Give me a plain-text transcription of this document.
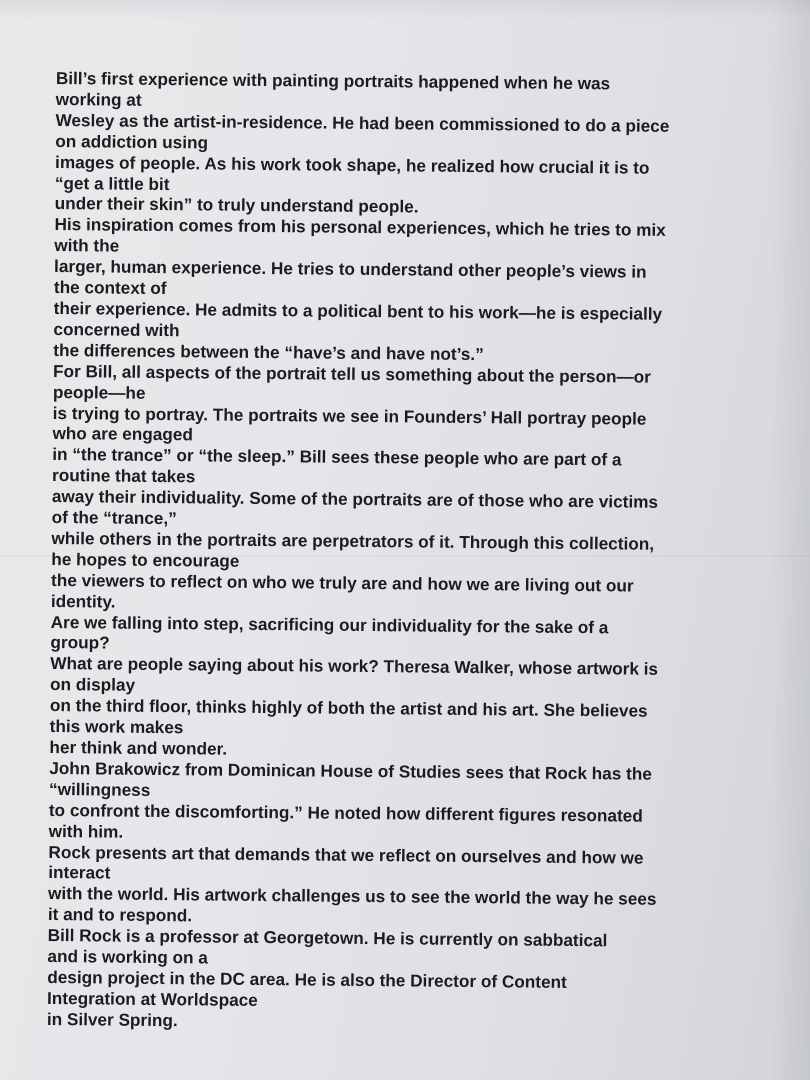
Bill’s first experience with painting portraits happened when he was
working at
Wesley as the artist-in-residence. He had been commissioned to do a piece
on addiction using
images of people. As his work took shape, he realized how crucial it is to
“get a little bit
under their skin” to truly understand people.
His inspiration comes from his personal experiences, which he tries to mix
with the
larger, human experience. He tries to understand other people’s views in
the context of
their experience. He admits to a political bent to his work—he is especially
concerned with
the differences between the “have’s and have not’s.”
For Bill, all aspects of the portrait tell us something about the person—or
people—he
is trying to portray. The portraits we see in Founders’ Hall portray people
who are engaged
in “the trance” or “the sleep.” Bill sees these people who are part of a
routine that takes
away their individuality. Some of the portraits are of those who are victims
of the “trance,”
while others in the portraits are perpetrators of it. Through this collection,
he hopes to encourage
the viewers to reflect on who we truly are and how we are living out our
identity.
Are we falling into step, sacrificing our individuality for the sake of a
group?
What are people saying about his work? Theresa Walker, whose artwork is
on display
on the third floor, thinks highly of both the artist and his art. She believes
this work makes
her think and wonder.
John Brakowicz from Dominican House of Studies sees that Rock has the
“willingness
to confront the discomforting.” He noted how different figures resonated
with him.
Rock presents art that demands that we reflect on ourselves and how we
interact
with the world. His artwork challenges us to see the world the way he sees
it and to respond.
Bill Rock is a professor at Georgetown. He is currently on sabbatical
and is working on a
design project in the DC area. He is also the Director of Content
Integration at Worldspace
in Silver Spring.
